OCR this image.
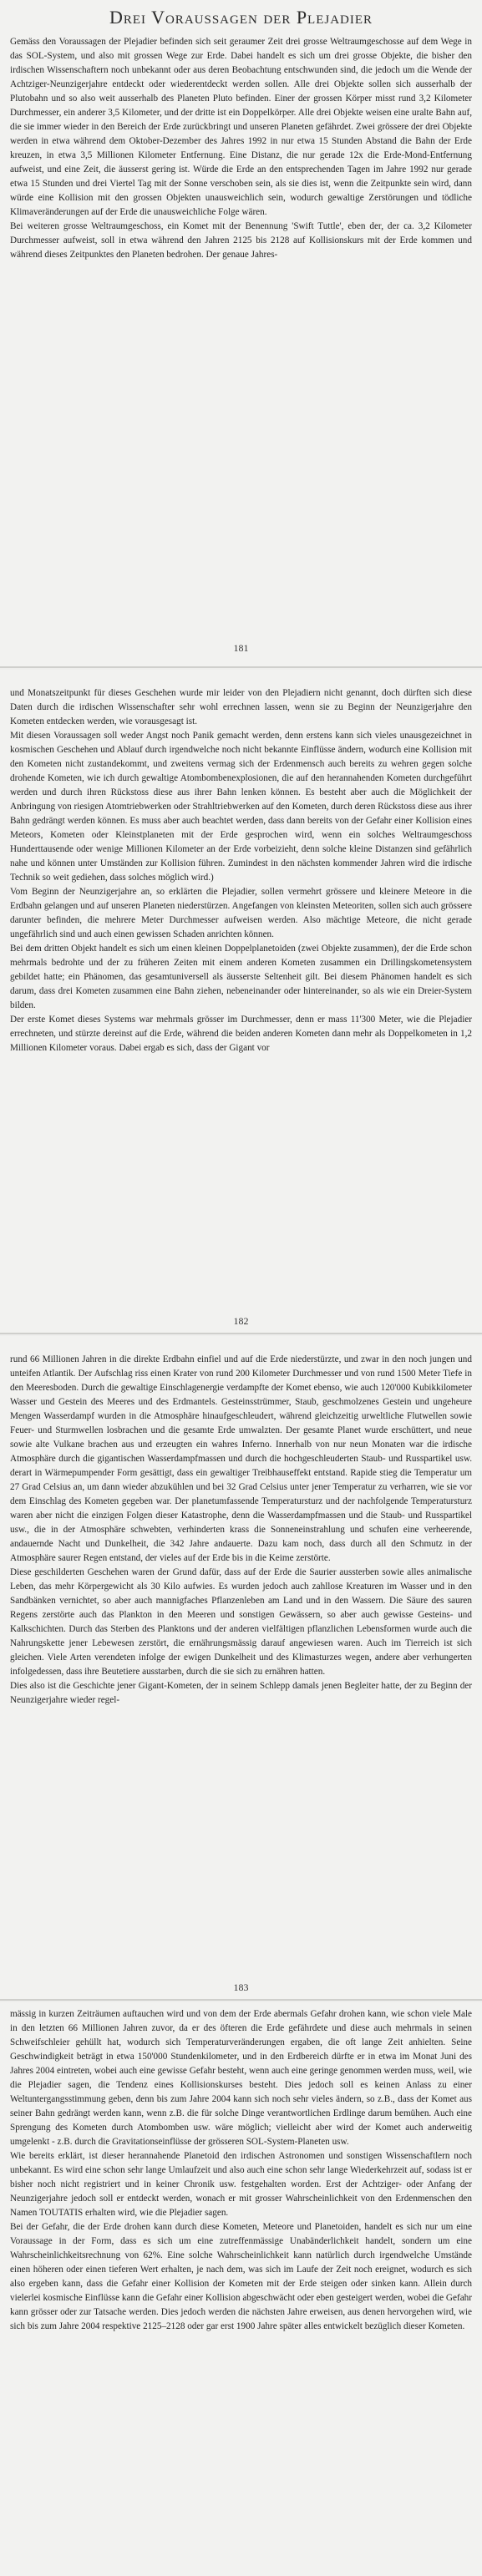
Drei Voraussagen der Plejadier

Gemäss den Voraussagen der Plejadier befinden sich seit geraumer Zeit drei grosse Weltraumgeschosse auf dem Wege in das SOL-System, und also mit grossen Wege zur Erde. Dabei handelt es sich um drei grosse Objekte, die bisher den irdischen Wissenschaftern noch unbekannt oder aus deren Beobachtung entschwunden sind, die jedoch um die Wende der Achtziger-Neunzigerjahre entdeckt oder wiederentdeckt werden sollen. Alle drei Objekte sollen sich ausserhalb der Plutobahn und so also weit ausserhalb des Planeten Pluto befinden. Einer der grossen Körper misst rund 3,2 Kilometer Durchmesser, ein anderer 3,5 Kilometer, und der dritte ist ein Doppelkörper. Alle drei Objekte weisen eine uralte Bahn auf, die sie immer wieder in den Bereich der Erde zurückbringt und unseren Planeten gefährdet. Zwei grössere der drei Objekte werden in etwa während dem Oktober-Dezember des Jahres 1992 in nur etwa 15 Stunden Abstand die Bahn der Erde kreuzen, in etwa 3,5 Millionen Kilometer Entfernung. Eine Distanz, die nur gerade 12x die Erde-Mond-Entfernung aufweist, und eine Zeit, die äusserst gering ist. Würde die Erde an den entsprechenden Tagen im Jahre 1992 nur gerade etwa 15 Stunden und drei Viertel Tag mit der Sonne verschoben sein, als sie dies ist, wenn die Zeitpunkte sein wird, dann würde eine Kollision mit den grossen Objekten unausweichlich sein, wodurch gewaltige Zerstörungen und tödliche Klimaveränderungen auf der Erde die unausweichliche Folge wären.

Bei weiteren grosse Weltraumgeschoss, ein Komet mit der Benennung 'Swift Tuttle', eben der, der ca. 3,2 Kilometer Durchmesser aufweist, soll in etwa während den Jahren 2125 bis 2128 auf Kollisionskurs mit der Erde kommen und während dieses Zeitpunktes den Planeten bedrohen. Der genaue Jahres-

181

und Monatszeitpunkt für dieses Geschehen wurde mir leider von den Plejadiern nicht genannt, doch dürften sich diese Daten durch die irdischen Wissenschafter sehr wohl errechnen lassen, wenn sie zu Beginn der Neunzigerjahre den Kometen entdecken werden, wie vorausgesagt ist.

Mit diesen Voraussagen soll weder Angst noch Panik gemacht werden, denn erstens kann sich vieles unausgezeichnet in kosmischen Geschehen und Ablauf durch irgendwelche noch nicht bekannte Einflüsse ändern, wodurch eine Kollision mit den Kometen nicht zustandekommt, und zweitens vermag sich der Erdenmensch auch bereits zu wehren gegen solche drohende Kometen, wie ich durch gewaltige Atombombenexplosionen, die auf den herannahenden Kometen durchgeführt werden und durch ihren Rückstoss diese aus ihrer Bahn lenken können. Es besteht aber auch die Möglichkeit der Anbringung von riesigen Atomtriebwerken oder Strahltriebwerken auf den Kometen, durch deren Rückstoss diese aus ihrer Bahn gedrängt werden können. Es muss aber auch beachtet werden, dass dann bereits von der Gefahr einer Kollision eines Meteors, Kometen oder Kleinstplaneten mit der Erde gesprochen wird, wenn ein solches Weltraumgeschoss Hunderttausende oder wenige Millionen Kilometer an der Erde vorbeizieht, denn solche kleine Distanzen sind gefährlich nahe und können unter Umständen zur Kollision führen. Zumindest in den nächsten kommender Jahren wird die irdische Technik so weit gediehen, dass solches möglich wird.)

Vom Beginn der Neunzigerjahre an, so erklärten die Plejadier, sollen vermehrt grössere und kleinere Meteore in die Erdbahn gelangen und auf unseren Planeten niederstürzen. Angefangen von kleinsten Meteoriten, sollen sich auch grössere darunter befinden, die mehrere Meter Durchmesser aufweisen werden. Also mächtige Meteore, die nicht gerade ungefährlich sind und auch einen gewissen Schaden anrichten können.

Bei dem dritten Objekt handelt es sich um einen kleinen Doppelplanetoiden (zwei Objekte zusammen), der die Erde schon mehrmals bedrohte und der zu früheren Zeiten mit einem anderen Kometen zusammen ein Drillingskometensystem gebildet hatte; ein Phänomen, das gesamtuniversell als äusserste Seltenheit gilt. Bei diesem Phänomen handelt es sich darum, dass drei Kometen zusammen eine Bahn ziehen, nebeneinander oder hintereinander, so als wie ein Dreier-System bilden.

Der erste Komet dieses Systems war mehrmals grösser im Durchmesser, denn er mass 11'300 Meter, wie die Plejadier errechneten, und stürzte dereinst auf die Erde, während die beiden anderen Kometen dann mehr als Doppelkometen in 1,2 Millionen Kilometer voraus. Dabei ergab es sich, dass der Gigant vor

182

rund 66 Millionen Jahren in die direkte Erdbahn einfiel und auf die Erde niederstürzte, und zwar in den noch jungen und unteifen Atlantik. Der Aufschlag riss einen Krater von rund 200 Kilometer Durchmesser und von rund 1500 Meter Tiefe in den Meeresboden. Durch die gewaltige Einschlagenergie verdampfte der Komet ebenso, wie auch 120'000 Kubikkilometer Wasser und Gestein des Meeres und des Erdmantels. Gesteinsstrümmer, Staub, geschmolzenes Gestein und ungeheure Mengen Wasserdampf wurden in die Atmosphäre hinaufgeschleudert, während gleichzeitig urweltliche Flutwellen sowie Feuer- und Sturmwellen losbrachen und die gesamte Erde umwalzten. Der gesamte Planet wurde erschüttert, und neue sowie alte Vulkane brachen aus und erzeugten ein wahres Inferno. Innerhalb von nur neun Monaten war die irdische Atmosphäre durch die gigantischen Wasserdampfmassen und durch die hochgeschleuderten Staub- und Russpartikel usw. derart in Wärmepumpender Form gesättigt, dass ein gewaltiger Treibhauseffekt entstand. Rapide stieg die Temperatur um 27 Grad Celsius an, um dann wieder abzukühlen und bei 32 Grad Celsius unter jener Temperatur zu verharren, wie sie vor dem Einschlag des Kometen gegeben war. Der planetumfassende Temperatursturz und der nachfolgende Temperatursturz waren aber nicht die einzigen Folgen dieser Katastrophe, denn die Wasserdampfmassen und die Staub- und Russpartikel usw., die in der Atmosphäre schwebten, verhinderten krass die Sonneneinstrahlung und schufen eine verheerende, andauernde Nacht und Dunkelheit, die 342 Jahre andauerte. Dazu kam noch, dass durch all den Schmutz in der Atmosphäre saurer Regen entstand, der vieles auf der Erde bis in die Keime zerstörte.

Diese geschilderten Geschehen waren der Grund dafür, dass auf der Erde die Saurier aussterben sowie alles animalische Leben, das mehr Körpergewicht als 30 Kilo aufwies. Es wurden jedoch auch zahllose Kreaturen im Wasser und in den Sandbänken vernichtet, so aber auch mannigfaches Pflanzenleben am Land und in den Wassern. Die Säure des sauren Regens zerstörte auch das Plankton in den Meeren und sonstigen Gewässern, so aber auch gewisse Gesteins- und Kalkschichten. Durch das Sterben des Planktons und der anderen vielfältigen pflanzlichen Lebensformen wurde auch die Nahrungskette jener Lebewesen zerstört, die ernährungsmässig darauf angewiesen waren. Auch im Tierreich ist sich gleichen. Viele Arten verendeten infolge der ewigen Dunkelheit und des Klimasturzes wegen, andere aber verhungerten infolgedessen, dass ihre Beutetiere ausstarben, durch die sie sich zu ernähren hatten.

Dies also ist die Geschichte jener Gigant-Kometen, der in seinem Schlepp damals jenen Begleiter hatte, der zu Beginn der Neunzigerjahre wieder regel-

183

mässig in kurzen Zeiträumen auftauchen wird und von dem der Erde abermals Gefahr drohen kann, wie schon viele Male in den letzten 66 Millionen Jahren zuvor, da er des öfteren die Erde gefährdete und diese auch mehrmals in seinen Schweifschleier gehüllt hat, wodurch sich Temperaturveränderungen ergaben, die oft lange Zeit anhielten. Seine Geschwindigkeit beträgt in etwa 150'000 Stundenkilometer, und in den Erdbereich dürfte er in etwa im Monat Juni des Jahres 2004 eintreten, wobei auch eine gewisse Gefahr besteht, wenn auch eine geringe genommen werden muss, weil, wie die Plejadier sagen, die Tendenz eines Kollisionskurses besteht. Dies jedoch soll es keinen Anlass zu einer Weltuntergangsstimmung geben, denn bis zum Jahre 2004 kann sich noch sehr vieles ändern, so z.B., dass der Komet aus seiner Bahn gedrängt werden kann, wenn z.B. die für solche Dinge verantwortlichen Erdlinge darum bemühen. Auch eine Sprengung des Kometen durch Atombomben usw. wäre möglich; vielleicht aber wird der Komet auch anderweitig umgelenkt - z.B. durch die Gravitationseinflüsse der grösseren SOL-System-Planeten usw.

Wie bereits erklärt, ist dieser herannahende Planetoid den irdischen Astronomen und sonstigen Wissenschaftlern noch unbekannt. Es wird eine schon sehr lange Umlaufzeit und also auch eine schon sehr lange Wiederkehrzeit auf, sodass ist er bisher noch nicht registriert und in keiner Chronik usw. festgehalten worden. Erst der Achtziger- oder Anfang der Neunzigerjahre jedoch soll er entdeckt werden, wonach er mit grosser Wahrscheinlichkeit von den Erdenmenschen den Namen TOUTATIS erhalten wird, wie die Plejadier sagen.

Bei der Gefahr, die der Erde drohen kann durch diese Kometen, Meteore und Planetoiden, handelt es sich nur um eine Voraussage in der Form, dass es sich um eine zutreffenmässige Unabänderlichkeit handelt, sondern um eine Wahrscheinlichkeitsrechnung von 62%. Eine solche Wahrscheinlichkeit kann natürlich durch irgendwelche Umstände einen höheren oder einen tieferen Wert erhalten, je nach dem, was sich im Laufe der Zeit noch ereignet, wodurch es sich also ergeben kann, dass die Gefahr einer Kollision der Kometen mit der Erde steigen oder sinken kann. Allein durch vielerlei kosmische Einflüsse kann die Gefahr einer Kollision abgeschwächt oder eben gesteigert werden, wobei die Gefahr kann grösser oder zur Tatsache werden. Dies jedoch werden die nächsten Jahre erweisen, aus denen hervorgehen wird, wie sich bis zum Jahre 2004 respektive 2125–2128 oder gar erst 1900 Jahre später alles entwickelt bezüglich dieser Kometen.
